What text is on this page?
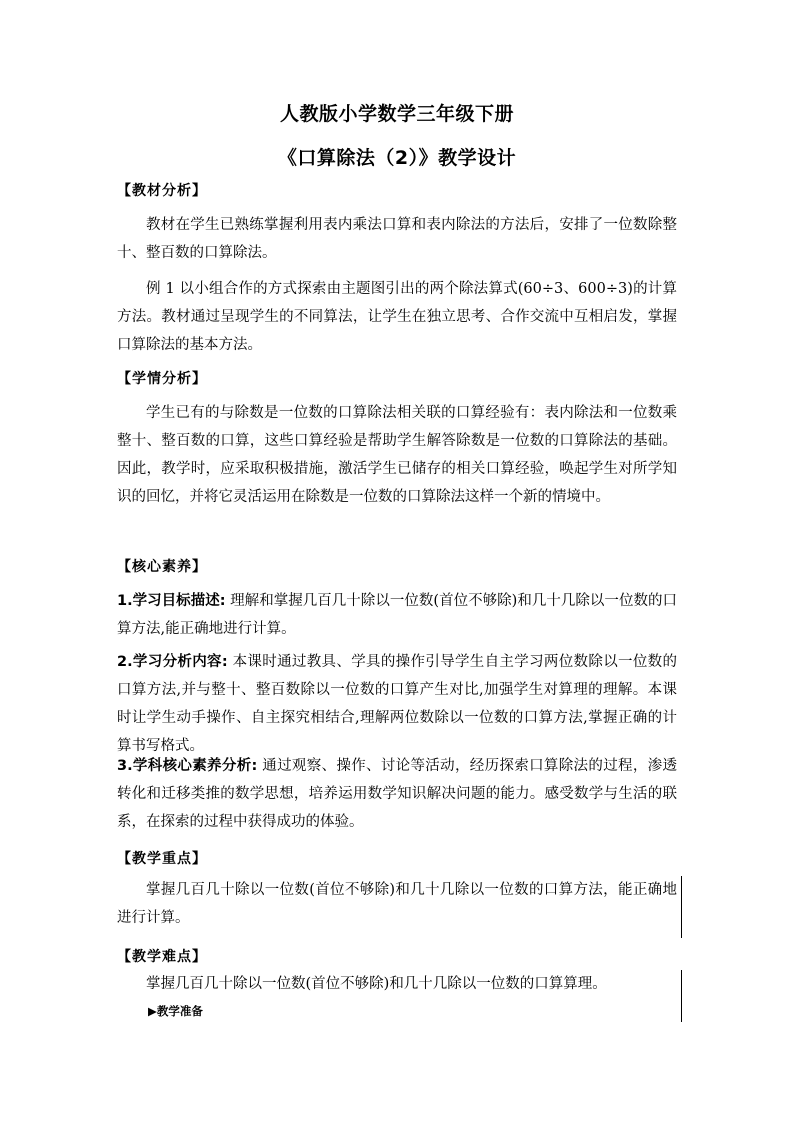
人教版小学数学三年级下册
《口算除法（2）》教学设计
【教材分析】
教材在学生已熟练掌握利用表内乘法口算和表内除法的方法后，安排了一位数除整十、整百数的口算除法。
例 1 以小组合作的方式探索由主题图引出的两个除法算式(60÷3、600÷3)的计算方法。教材通过呈现学生的不同算法，让学生在独立思考、合作交流中互相启发，掌握口算除法的基本方法。
【学情分析】
学生已有的与除数是一位数的口算除法相关联的口算经验有：表内除法和一位数乘整十、整百数的口算，这些口算经验是帮助学生解答除数是一位数的口算除法的基础。因此，教学时，应采取积极措施，激活学生已储存的相关口算经验，唤起学生对所学知识的回忆，并将它灵活运用在除数是一位数的口算除法这样一个新的情境中。
【核心素养】
1.学习目标描述: 理解和掌握几百几十除以一位数(首位不够除)和几十几除以一位数的口算方法,能正确地进行计算。
2.学习分析内容: 本课时通过教具、学具的操作引导学生自主学习两位数除以一位数的口算方法,并与整十、整百数除以一位数的口算产生对比,加强学生对算理的理解。本课时让学生动手操作、自主探究相结合,理解两位数除以一位数的口算方法,掌握正确的计算书写格式。
3.学科核心素养分析: 通过观察、操作、讨论等活动，经历探索口算除法的过程，渗透转化和迁移类推的数学思想，培养运用数学知识解决问题的能力。感受数学与生活的联系，在探索的过程中获得成功的体验。
【教学重点】
掌握几百几十除以一位数(首位不够除)和几十几除以一位数的口算方法，能正确地进行计算。
【教学难点】
掌握几百几十除以一位数(首位不够除)和几十几除以一位数的口算算理。
▶教学准备
